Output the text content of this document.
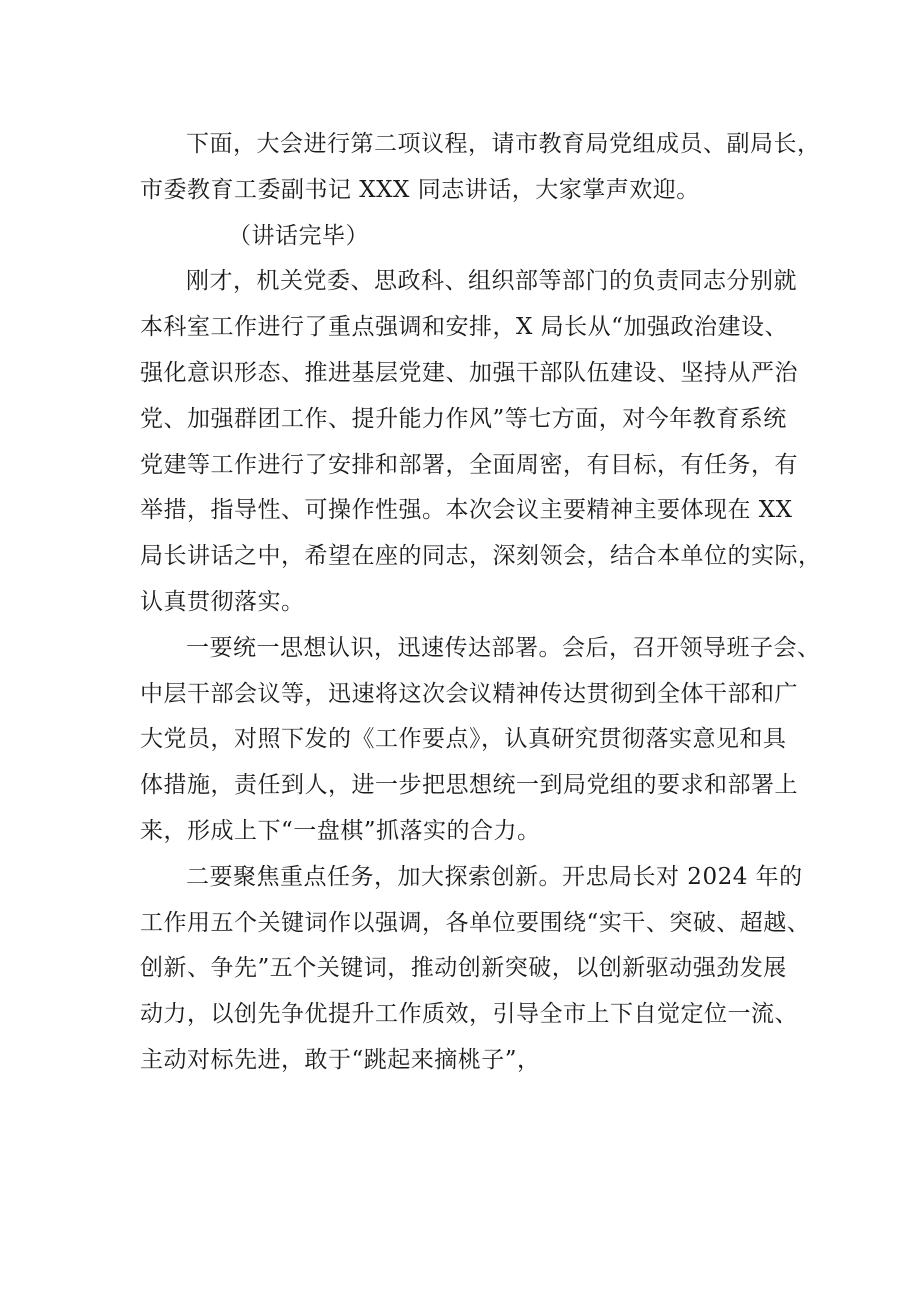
下面，大会进行第二项议程，请市教育局党组成员、副局长，
市委教育工委副书记 XXX 同志讲话，大家掌声欢迎。
（讲话完毕）
刚才，机关党委、思政科、组织部等部门的负责同志分别就
本科室工作进行了重点强调和安排，X 局长从“加强政治建设、
强化意识形态、推进基层党建、加强干部队伍建设、坚持从严治
党、加强群团工作、提升能力作风”等七方面，对今年教育系统
党建等工作进行了安排和部署，全面周密，有目标，有任务，有
举措，指导性、可操作性强。本次会议主要精神主要体现在 XX
局长讲话之中，希望在座的同志，深刻领会，结合本单位的实际，
认真贯彻落实。
一要统一思想认识，迅速传达部署。会后，召开领导班子会、
中层干部会议等，迅速将这次会议精神传达贯彻到全体干部和广
大党员，对照下发的《工作要点》，认真研究贯彻落实意见和具
体措施，责任到人，进一步把思想统一到局党组的要求和部署上
来，形成上下“一盘棋”抓落实的合力。
二要聚焦重点任务，加大探索创新。开忠局长对 2024 年的
工作用五个关键词作以强调，各单位要围绕“实干、突破、超越、
创新、争先”五个关键词，推动创新突破，以创新驱动强劲发展
动力，以创先争优提升工作质效，引导全市上下自觉定位一流、
主动对标先进，敢于“跳起来摘桃子”，
